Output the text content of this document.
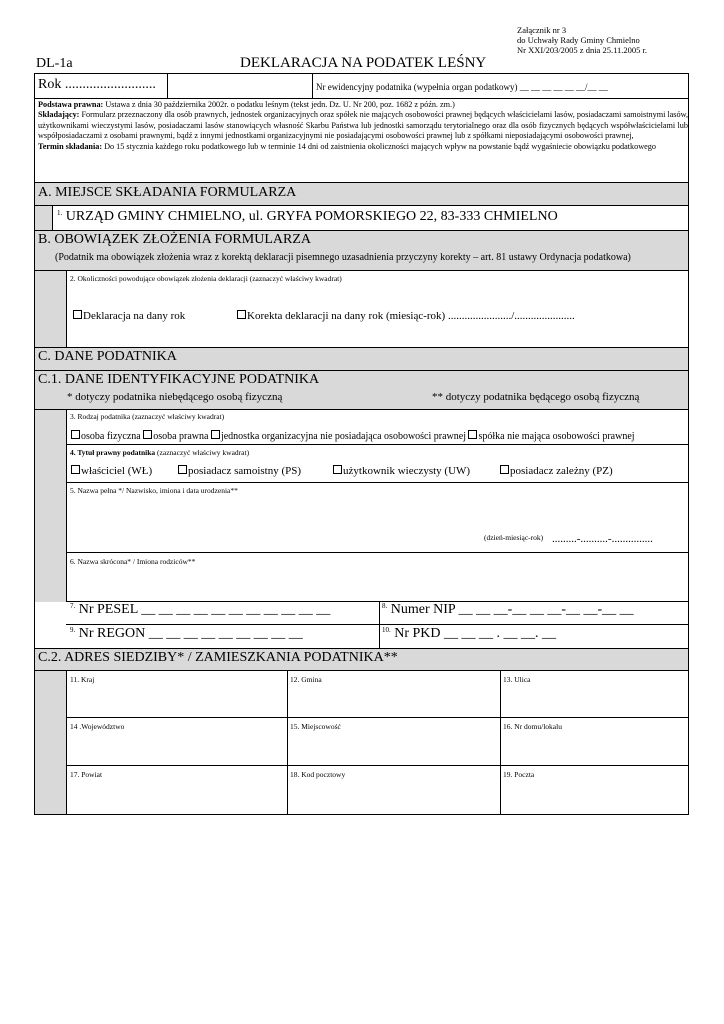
Załącznik nr 3
do Uchwały Rady Gminy Chmielno
Nr XXI/203/2005 z dnia 25.11.2005 r.
DL-1a	DEKLARACJA NA PODATEK LEŚNY
Rok ..........................	Nr ewidencyjny podatnika (wypełnia organ podatkowy) __ __ __ __ __ __/__ __
Podstawa prawna: Ustawa z dnia 30 października 2002r. o podatku leśnym (tekst jedn. Dz. U. Nr 200, poz. 1682 z późn. zm.)
Składający: Formularz przeznaczony dla osób prawnych, jednostek organizacyjnych oraz spółek nie mających osobowości prawnej będących właścicielami lasów, posiadaczami samoistnymi lasów, użytkownikami wieczystymi lasów, posiadaczami lasów stanowiących własność Skarbu Państwa lub jednostki samorządu terytorialnego oraz dla osób fizycznych będących współwłaścicielami lub współposiadaczami z osobami prawnymi, bądź z innymi jednostkami organizacyjnymi nie posiadającymi osobowości prawnej lub z spółkami nieposiadającymi osobowości prawnej,
Termin składania: Do 15 stycznia każdego roku podatkowego lub w terminie 14 dni od zaistnienia okoliczności mających wpływ na powstanie bądź wygaśniecie obowiązku podatkowego
A. MIEJSCE SKŁADANIA FORMULARZA
$^{1.}$ URZĄD GMINY CHMIELNO, ul. GRYFA POMORSKIEGO 22, 83-333 CHMIELNO
B. OBOWIĄZEK ZŁOŻENIA FORMULARZA
(Podatnik ma obowiązek złożenia wraz z korektą deklaracji pisemnego uzasadnienia przyczyny korekty – art. 81 ustawy Ordynacja podatkowa)
2. Okoliczności powodujące obowiązek złożenia deklaracji (zaznaczyć właściwy kwadrat)
Deklaracja na dany rok	Korekta deklaracji na dany rok (miesiąc-rok) ......................./......................
C. DANE PODATNIKA
C.1. DANE IDENTYFIKACYJNE PODATNIKA
* dotyczy podatnika niebędącego osobą fizyczną	** dotyczy podatnika będącego osobą fizyczną
3. Rodzaj podatnika (zaznaczyć właściwy kwadrat)
osoba fizyczna osoba prawna jednostka organizacyjna nie posiadająca osobowości prawnej spółka nie mająca osobowości prawnej
4. Tytuł prawny podatnika (zaznaczyć właściwy kwadrat)
właściciel (WŁ)	posiadacz samoistny (PS)	użytkownik wieczysty (UW)	posiadacz zależny (PZ)
5. Nazwa pełna */ Nazwisko, imiona i data urodzenia**
(dzień-miesiąc-rok) .........-..........-...............
6. Nazwa skrócona* / Imiona rodziców**
$^{7.}$ Nr PESEL __ __ __ __ __ __ __ __ __ __ __	$^{8.}$ Numer NIP __ __ __-__ __ __-__ __-__ __
$^{9.}$ Nr REGON __ __ __ __ __ __ __ __ __	$^{10.}$ Nr PKD __ __ __ . __ __. __
C.2. ADRES SIEDZIBY* / ZAMIESZKANIA PODATNIKA**
11. Kraj	12. Gmina	13. Ulica
14 .Województwo	15. Miejscowość	16. Nr domu/lokalu
17. Powiat	18. Kod pocztowy	19. Poczta
